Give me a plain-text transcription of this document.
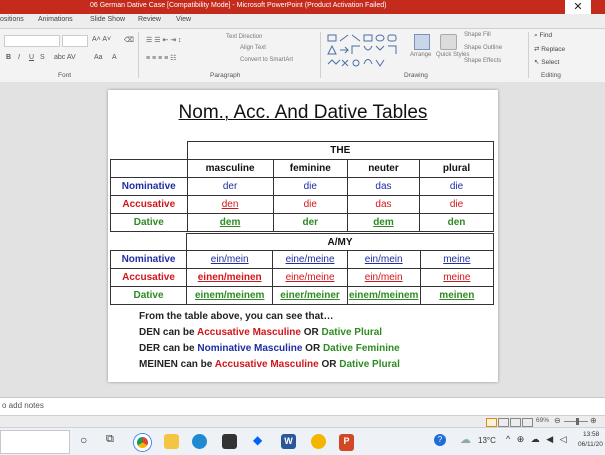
06 German Dative Case [Compatibility Mode] - Microsoft PowerPoint (Product Activation Failed)	✕
ositions Animations Slide Show Review View
A˄ A˅ ⌫
B I U S abc AV	Aa A
Font
☰ ☰ ⇤ ⇥ ↕
≡ ≡ ≡ ≡ ☷
Text Direction
Align Text
Convert to SmartArt
Paragraph
Arrange Quick Styles
Shape Fill
Shape Outline
Shape Effects
Drawing
⌕ Find
⇄ Replace
↖ Select
Editing
Nom., Acc. And Dative Tables
	THE			
	masculine	feminine	neuter	plural
Nominative	der	die	das	die
Accusative	den	die	das	die
Dative	dem	der	dem	den
	A/MY			
Nominative	ein/mein	eine/meine	ein/mein	meine
Accusative	einen/meinen	eine/meine	ein/mein	meine
Dative	einem/meinem	einer/meiner	einem/meinem	meinen
From the table above, you can see that…
DEN can be Accusative Masculine OR Dative Plural
DER can be Nominative Masculine OR Dative Feminine
MEINEN can be Accusative Masculine OR Dative Plural
o add notes
69% ⊖	⊕
○ ⧉	◆	W	P	?	☁ 13°C ^ ⊕ ☁ ◀ ◁ 13:58
06/11/20
